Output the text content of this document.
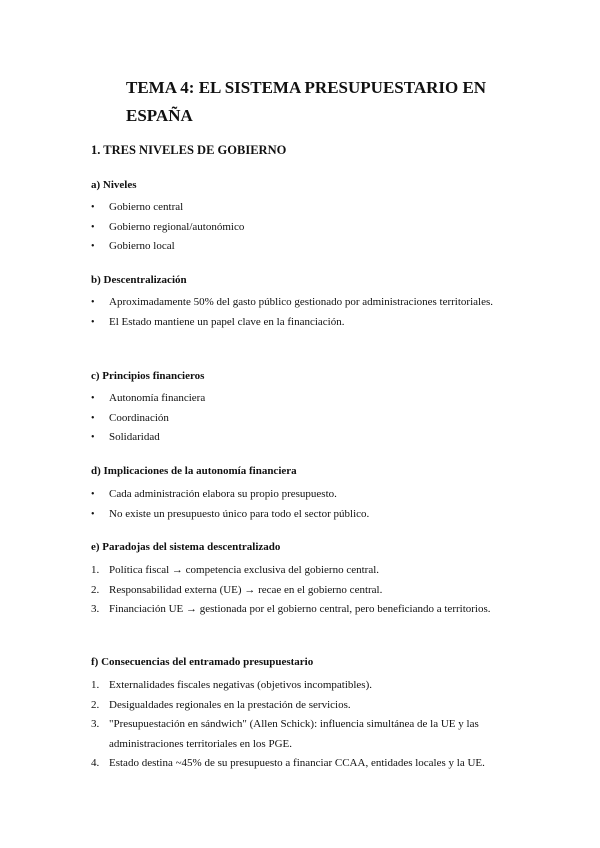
TEMA 4: EL SISTEMA PRESUPUESTARIO EN ESPAÑA
1. TRES NIVELES DE GOBIERNO
a) Niveles
• Gobierno central
• Gobierno regional/autonómico
• Gobierno local
b) Descentralización
• Aproximadamente 50% del gasto público gestionado por administraciones territoriales.
• El Estado mantiene un papel clave en la financiación.
c) Principios financieros
• Autonomía financiera
• Coordinación
• Solidaridad
d) Implicaciones de la autonomía financiera
• Cada administración elabora su propio presupuesto.
• No existe un presupuesto único para todo el sector público.
e) Paradojas del sistema descentralizado
1. Política fiscal → competencia exclusiva del gobierno central.
2. Responsabilidad externa (UE) → recae en el gobierno central.
3. Financiación UE → gestionada por el gobierno central, pero beneficiando a territorios.
f) Consecuencias del entramado presupuestario
1. Externalidades fiscales negativas (objetivos incompatibles).
2. Desigualdades regionales en la prestación de servicios.
3. "Presupuestación en sándwich" (Allen Schick): influencia simultánea de la UE y las administraciones territoriales en los PGE.
4. Estado destina ~45% de su presupuesto a financiar CCAA, entidades locales y la UE.
